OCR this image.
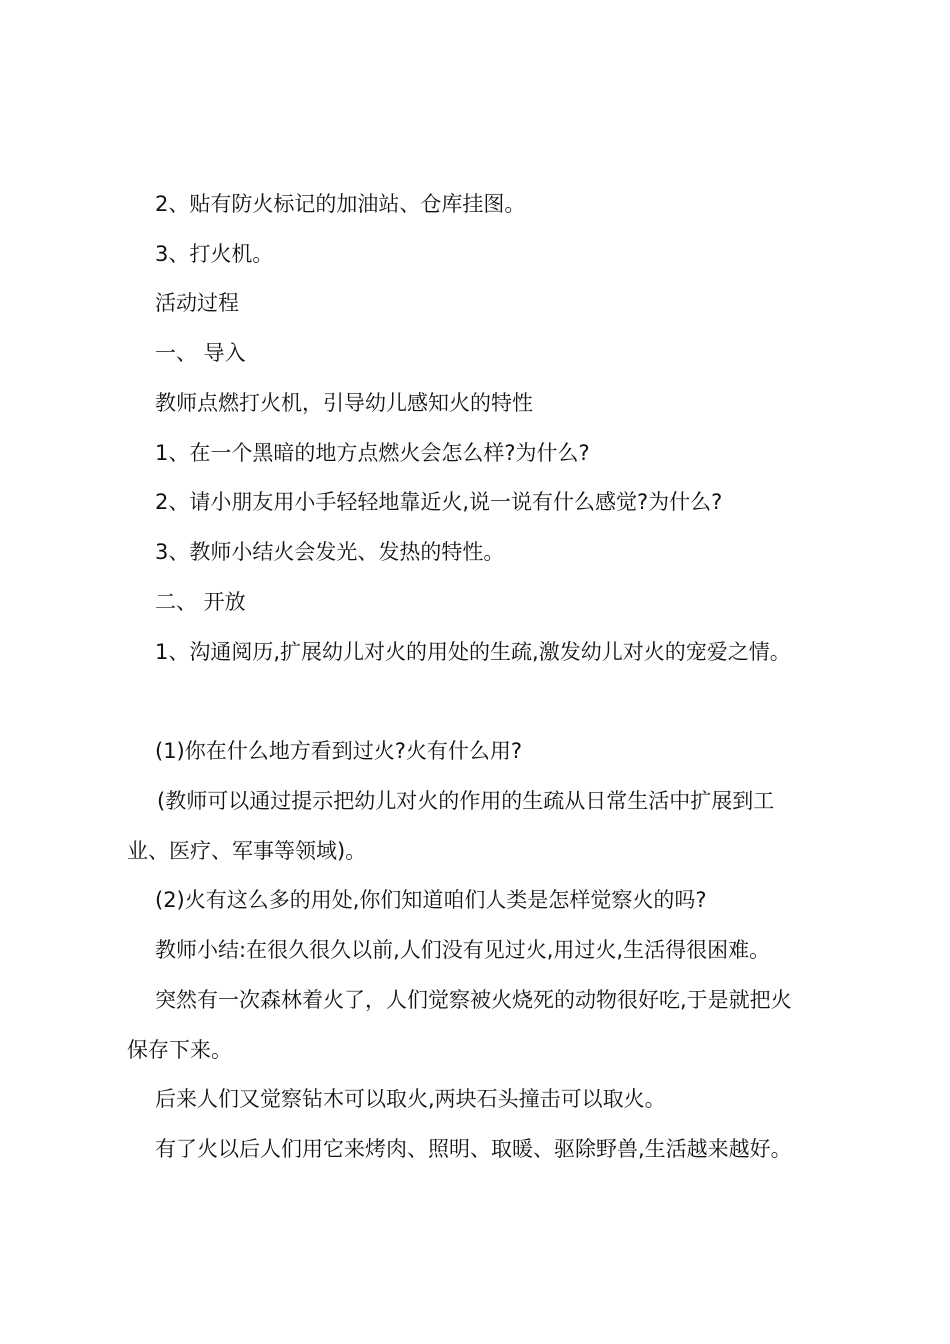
2、贴有防火标记的加油站、仓库挂图。
3、打火机。
活动过程
一、 导入
教师点燃打火机，引导幼儿感知火的特性
1、在一个黑暗的地方点燃火会怎么样?为什么?
2、请小朋友用小手轻轻地靠近火,说一说有什么感觉?为什么?
3、教师小结火会发光、发热的特性。
二、 开放
1、沟通阅历,扩展幼儿对火的用处的生疏,激发幼儿对火的宠爱之情。
(1)你在什么地方看到过火?火有什么用?
(教师可以通过提示把幼儿对火的作用的生疏从日常生活中扩展到工
业、医疗、军事等领域)。
(2)火有这么多的用处,你们知道咱们人类是怎样觉察火的吗?
教师小结:在很久很久以前,人们没有见过火,用过火,生活得很困难。
突然有一次森林着火了，人们觉察被火烧死的动物很好吃,于是就把火
保存下来。
后来人们又觉察钻木可以取火,两块石头撞击可以取火。
有了火以后人们用它来烤肉、照明、取暖、驱除野兽,生活越来越好。
